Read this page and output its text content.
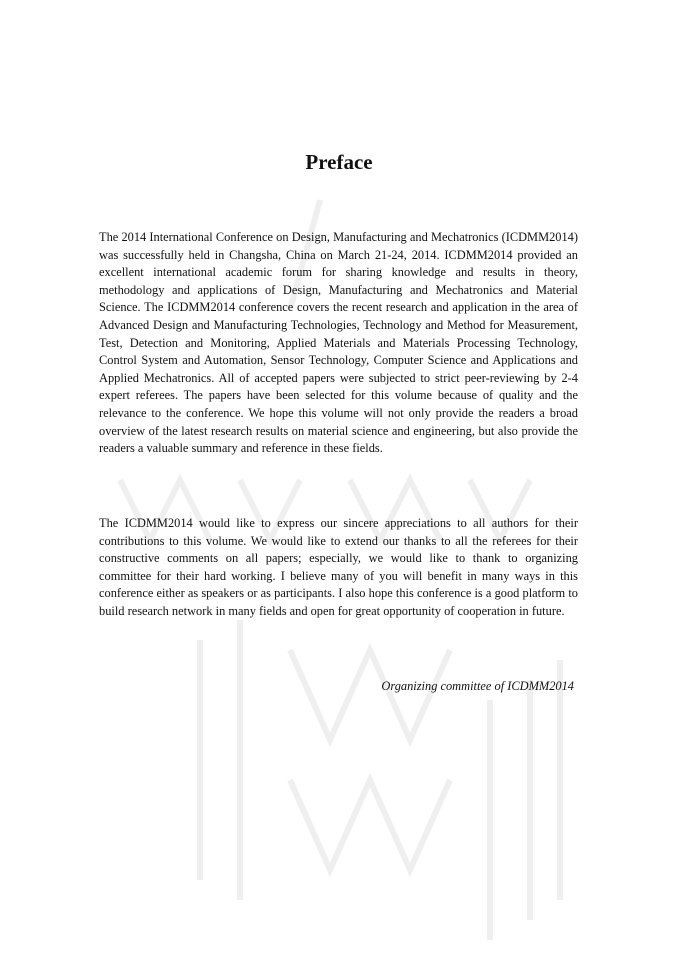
Preface

The 2014 International Conference on Design, Manufacturing and Mechatronics (ICDMM2014) was successfully held in Changsha, China on March 21-24, 2014. ICDMM2014 provided an excellent international academic forum for sharing knowledge and results in theory, methodology and applications of Design, Manufacturing and Mechatronics and Material Science. The ICDMM2014 conference covers the recent research and application in the area of Advanced Design and Manufacturing Technologies, Technology and Method for Measurement, Test, Detection and Monitoring, Applied Materials and Materials Processing Technology, Control System and Automation, Sensor Technology, Computer Science and Applications and Applied Mechatronics. All of accepted papers were subjected to strict peer-reviewing by 2-4 expert referees. The papers have been selected for this volume because of quality and the relevance to the conference. We hope this volume will not only provide the readers a broad overview of the latest research results on material science and engineering, but also provide the readers a valuable summary and reference in these fields.

The ICDMM2014 would like to express our sincere appreciations to all authors for their contributions to this volume. We would like to extend our thanks to all the referees for their constructive comments on all papers; especially, we would like to thank to organizing committee for their hard working. I believe many of you will benefit in many ways in this conference either as speakers or as participants. I also hope this conference is a good platform to build research network in many fields and open for great opportunity of cooperation in future.

Organizing committee of ICDMM2014
